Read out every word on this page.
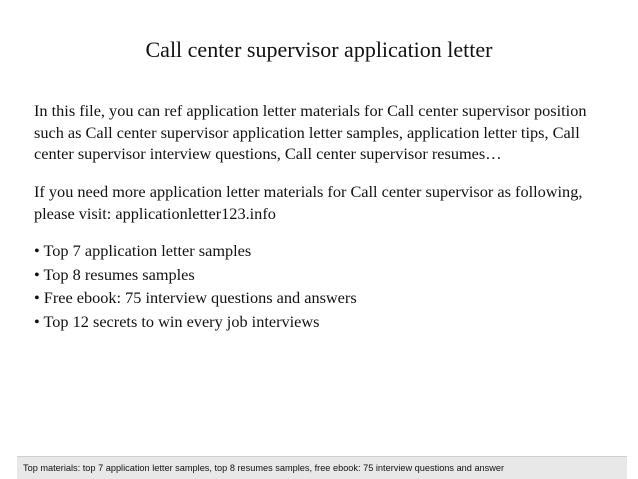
Call center supervisor application letter

In this file, you can ref application letter materials for Call center supervisor position
such as Call center supervisor application letter samples, application letter tips, Call
center supervisor interview questions, Call center supervisor resumes…

If you need more application letter materials for Call center supervisor as following,
please visit: applicationletter123.info

• Top 7 application letter samples
• Top 8 resumes samples
• Free ebook: 75 interview questions and answers
• Top 12 secrets to win every job interviews
Top materials: top 7 application letter samples, top 8 resumes samples, free ebook: 75 interview questions and answer
